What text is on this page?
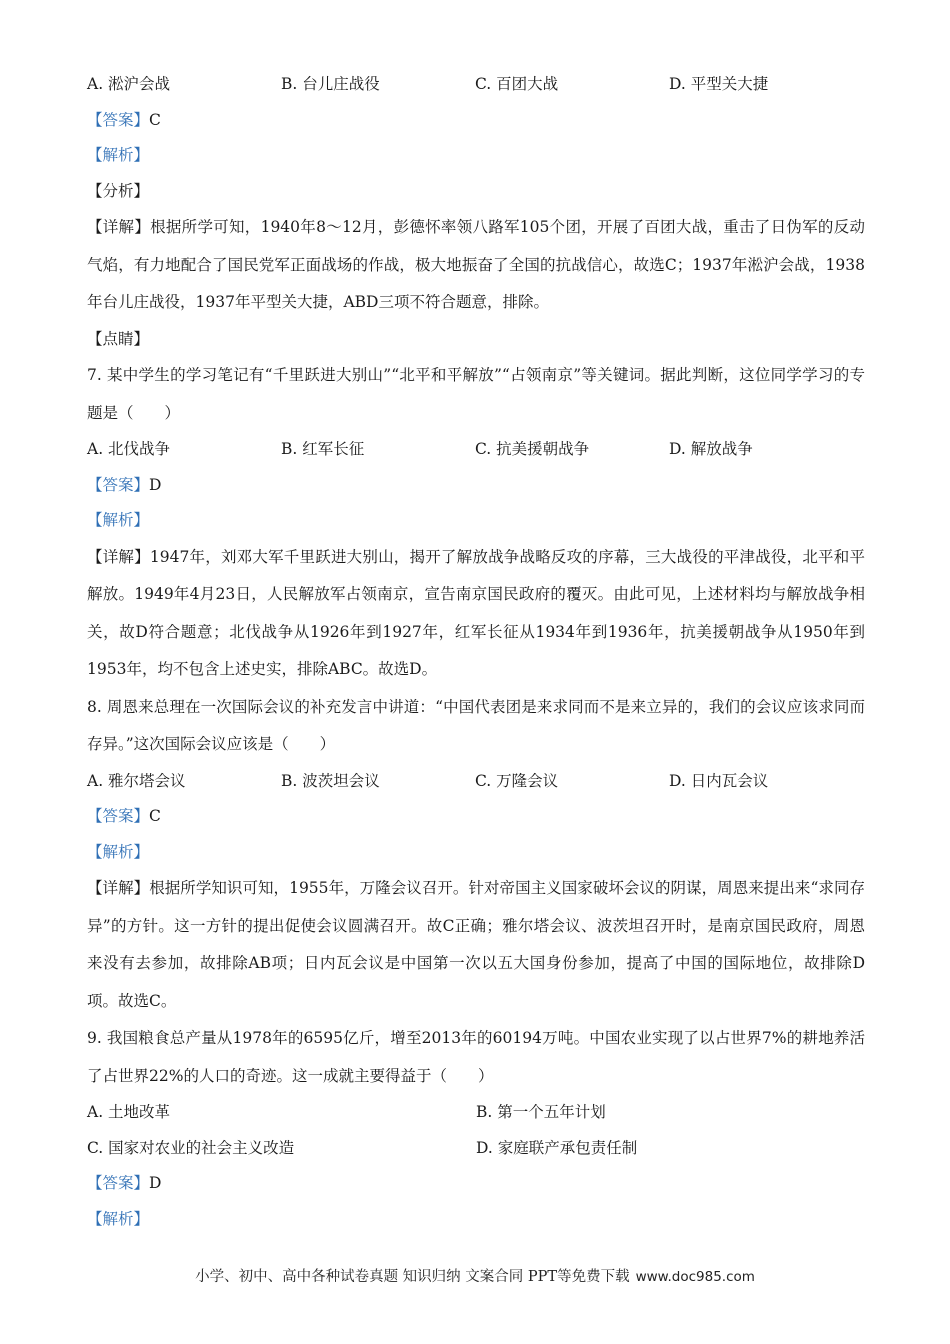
A. 淞沪会战	B. 台儿庄战役	C. 百团大战	D. 平型关大捷

【答案】C

【解析】

【分析】

【详解】根据所学可知，1940年8～12月，彭德怀率领八路军105个团，开展了百团大战，重击了日伪军的反动气焰，有力地配合了国民党军正面战场的作战，极大地振奋了全国的抗战信心，故选C；1937年淞沪会战，1938年台儿庄战役，1937年平型关大捷，ABD三项不符合题意，排除。

【点睛】

7. 某中学生的学习笔记有“千里跃进大别山”“北平和平解放”“占领南京”等关键词。据此判断，这位同学学习的专题是（　　）

A. 北伐战争	B. 红军长征	C. 抗美援朝战争	D. 解放战争

【答案】D

【解析】

【详解】1947年，刘邓大军千里跃进大别山，揭开了解放战争战略反攻的序幕，三大战役的平津战役，北平和平解放。1949年4月23日，人民解放军占领南京，宣告南京国民政府的覆灭。由此可见，上述材料均与解放战争相关，故D符合题意；北伐战争从1926年到1927年，红军长征从1934年到1936年，抗美援朝战争从1950年到1953年，均不包含上述史实，排除ABC。故选D。

8. 周恩来总理在一次国际会议的补充发言中讲道：“中国代表团是来求同而不是来立异的，我们的会议应该求同而存异。”这次国际会议应该是（　　）

A. 雅尔塔会议	B. 波茨坦会议	C. 万隆会议	D. 日内瓦会议

【答案】C

【解析】

【详解】根据所学知识可知，1955年，万隆会议召开。针对帝国主义国家破坏会议的阴谋，周恩来提出来“求同存异”的方针。这一方针的提出促使会议圆满召开。故C正确；雅尔塔会议、波茨坦召开时，是南京国民政府，周恩来没有去参加，故排除AB项；日内瓦会议是中国第一次以五大国身份参加，提高了中国的国际地位，故排除D项。故选C。

9. 我国粮食总产量从1978年的6595亿斤，增至2013年的60194万吨。中国农业实现了以占世界7%的耕地养活了占世界22%的人口的奇迹。这一成就主要得益于（　　）

A. 土地改革	B. 第一个五年计划
C. 国家对农业的社会主义改造	D. 家庭联产承包责任制

【答案】D

【解析】

小学、初中、高中各种试卷真题 知识归纳 文案合同 PPT等免费下载 www.doc985.com
